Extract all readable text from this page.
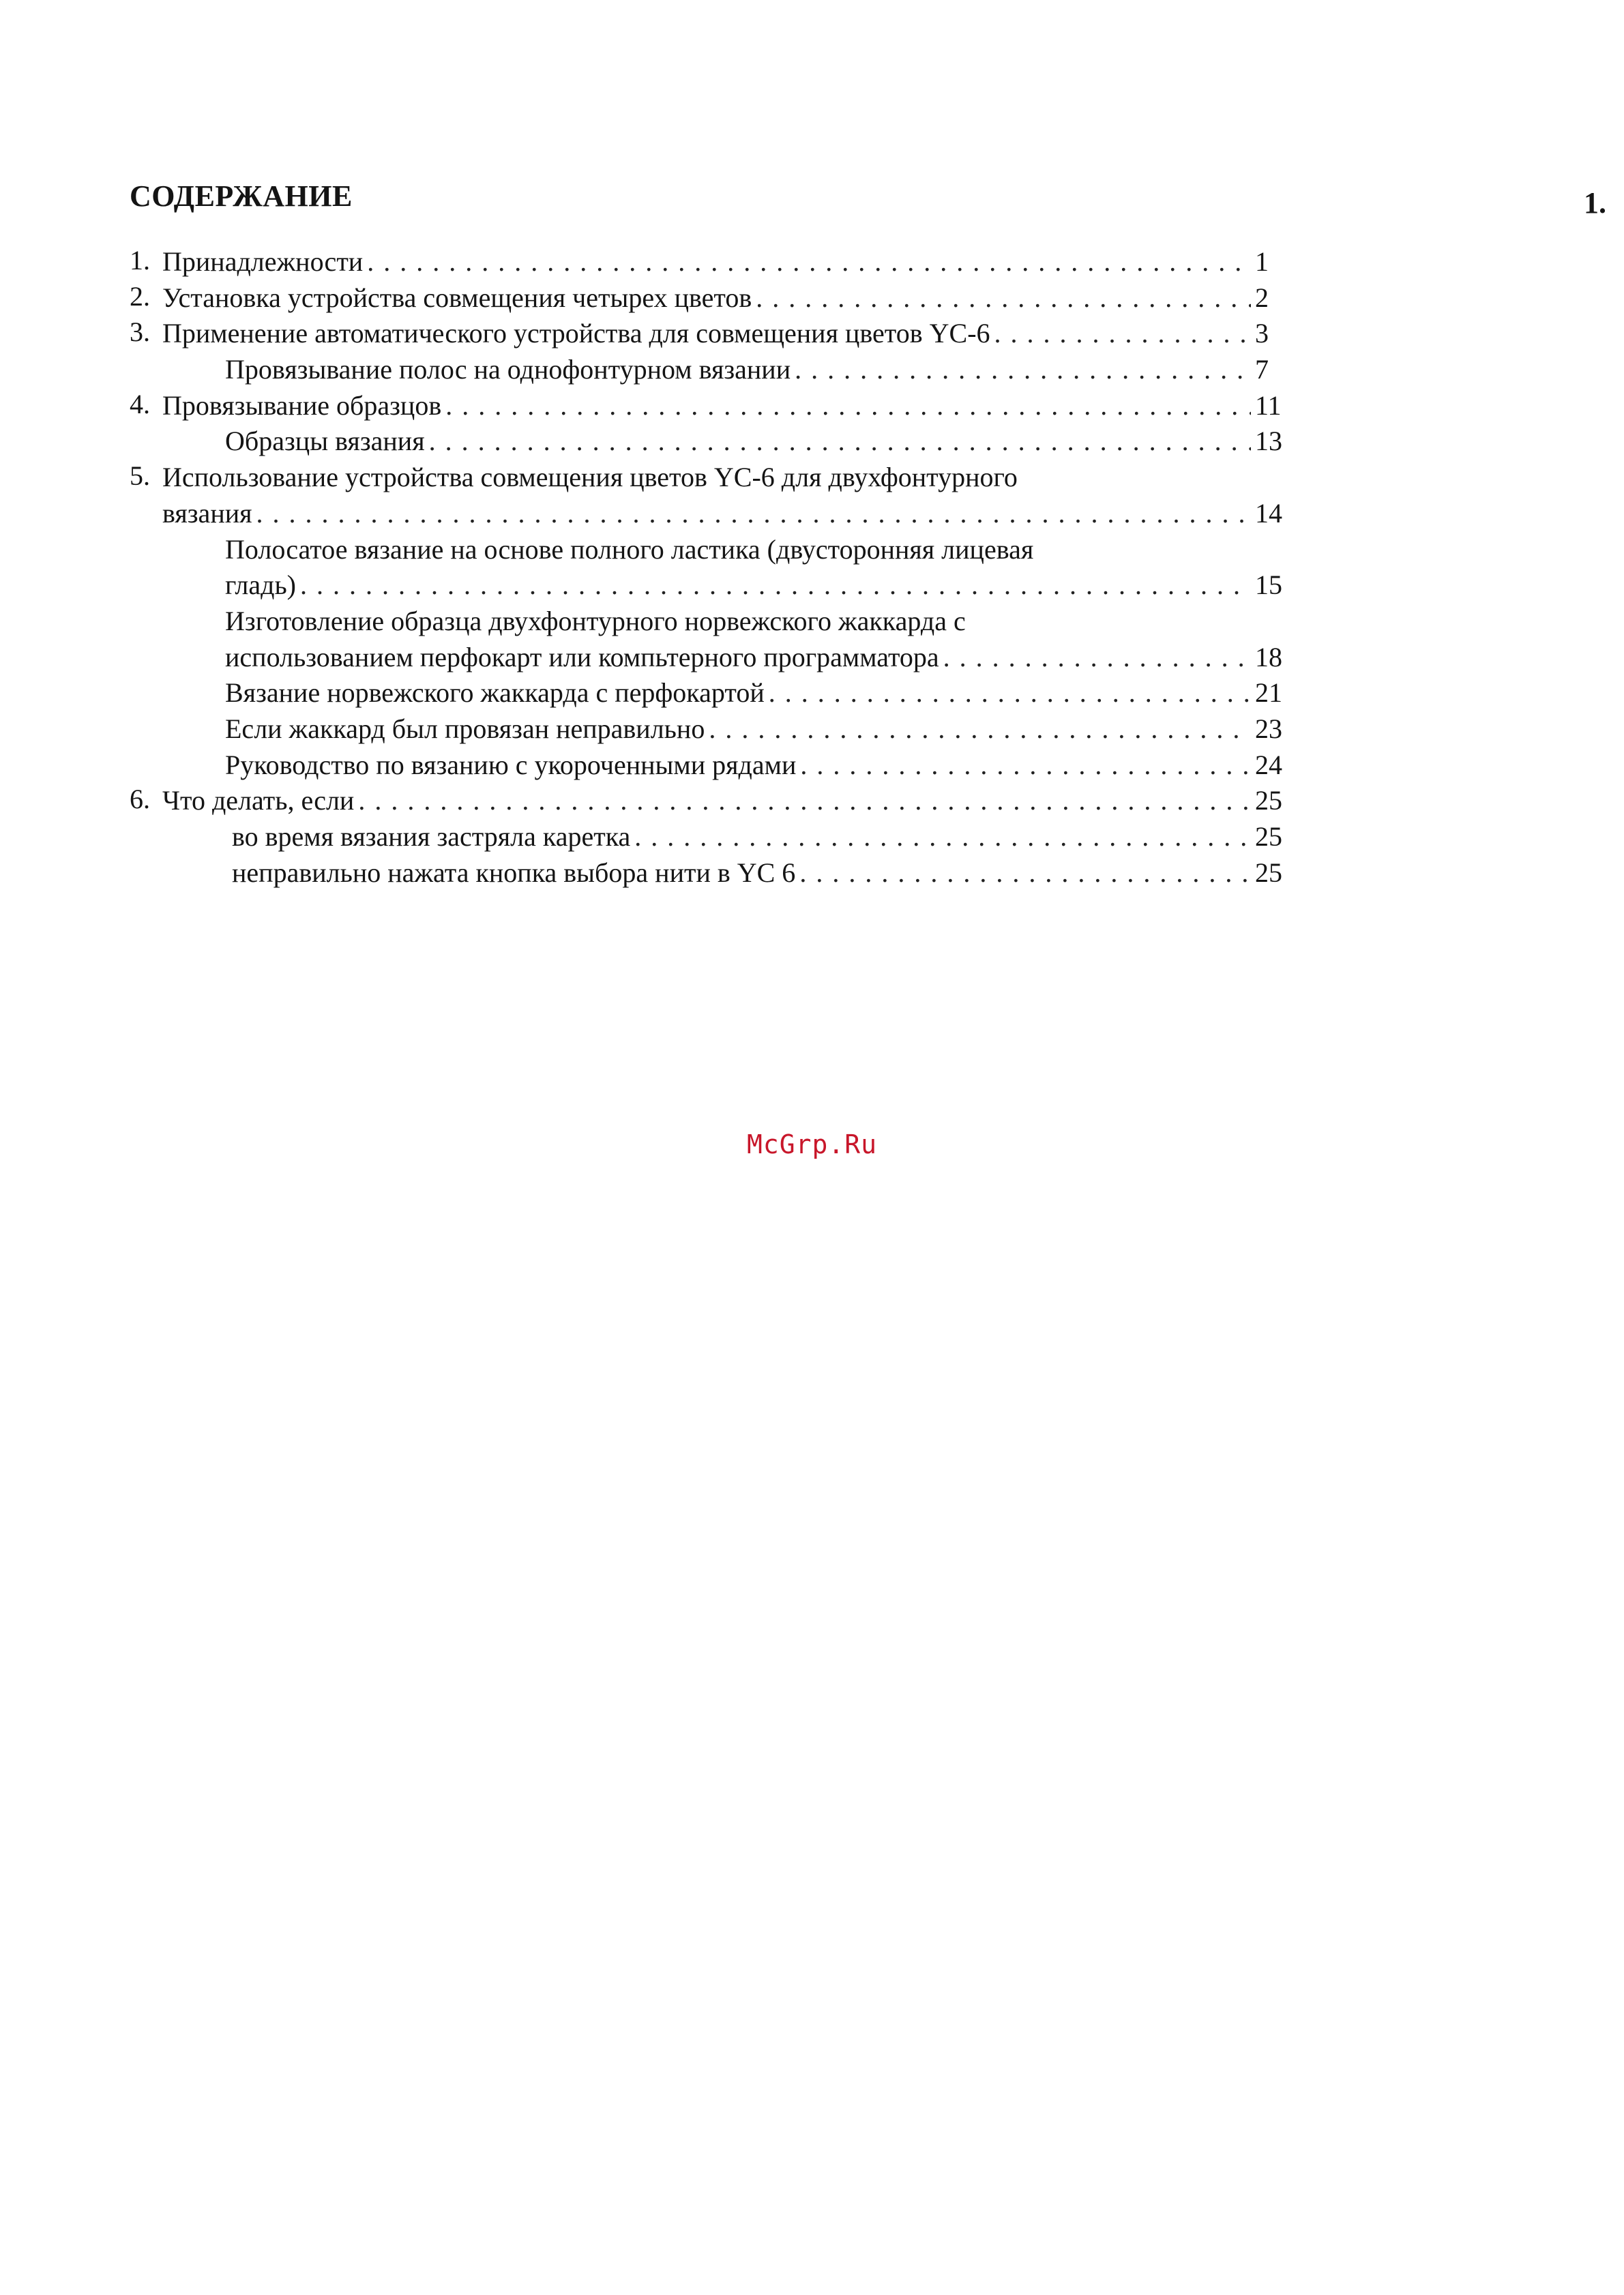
СОДЕРЖАНИЕ	1.
1. Принадлежности . . .	1
2. Установка устройства совмещения четырех цветов . . .	2
3. Применение автоматического устройства для совмещения цветов YC-6 . . .	3
Провязывание полос на однофонтурном вязании . . .	7
4. Провязывание образцов . . .	11
Образцы вязания . . .	13
5. Использование устройства совмещения цветов YC-6 для двухфонтурного
вязания . . .	14
Полосатое вязание на основе полного ластика (двусторонняя лицевая
гладь) . . .	15
Изготовление образца двухфонтурного норвежского жаккарда с
использованием перфокарт или компьтерного программатора . . .	18
Вязание норвежского жаккарда с перфокартой . . .	21
Если жаккард был провязан неправильно . . .	23
Руководство по вязанию с укороченными рядами . . .	24
6. Что делать, если . . .	25
во время вязания застряла каретка . . .	25
неправильно нажата кнопка выбора нити в YC 6 . . .	25
McGrp.Ru
